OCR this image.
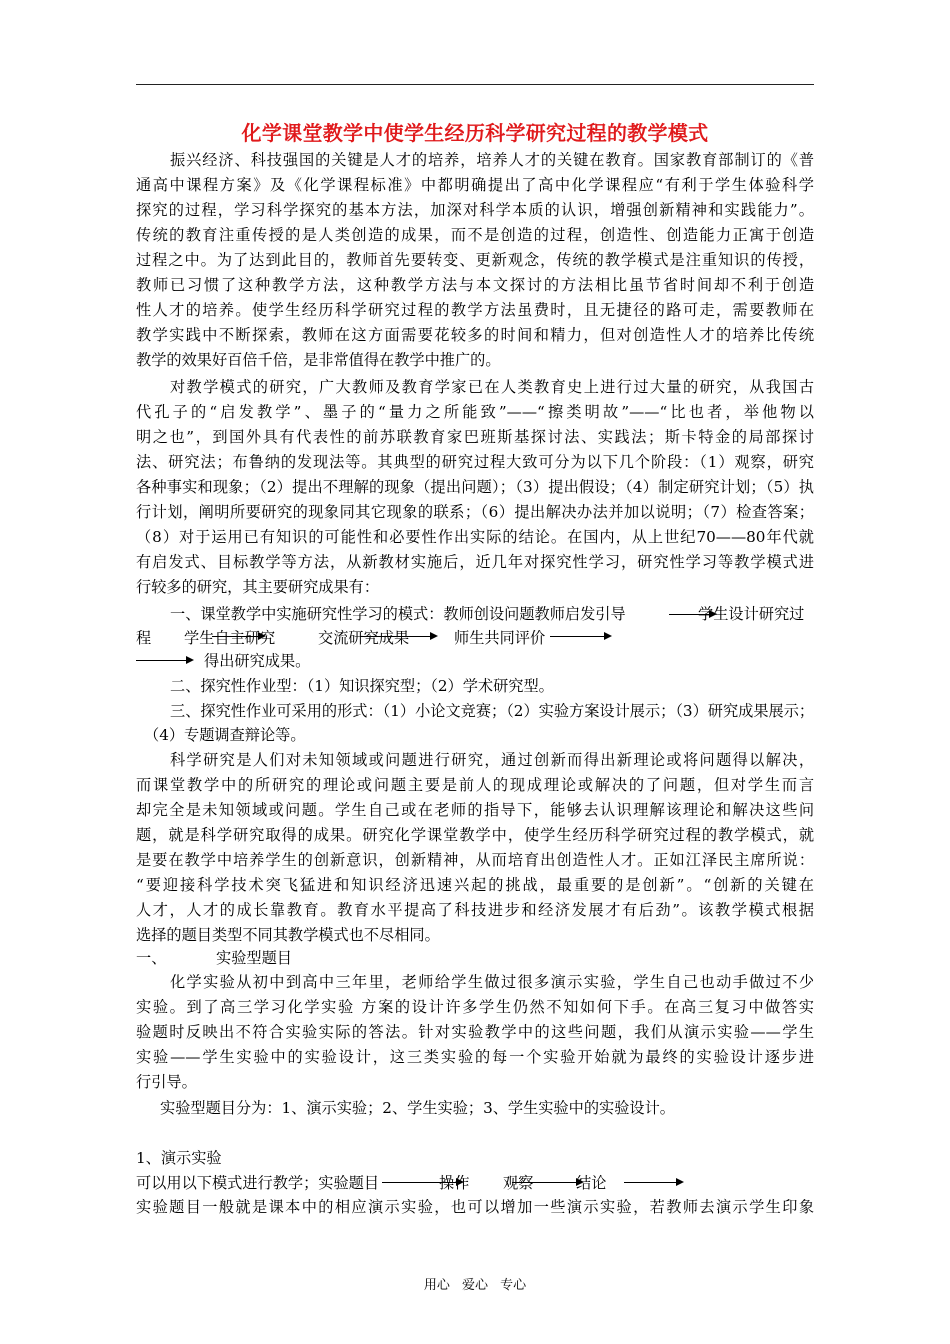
化学课堂教学中使学生经历科学研究过程的教学模式
振兴经济、科技强国的关键是人才的培养，培养人才的关键在教育。国家教育部制订的《普
通高中课程方案》及《化学课程标准》中都明确提出了高中化学课程应“有利于学生体验科学
探究的过程，学习科学探究的基本方法，加深对科学本质的认识，增强创新精神和实践能力”。
传统的教育注重传授的是人类创造的成果，而不是创造的过程，创造性、创造能力正寓于创造
过程之中。为了达到此目的，教师首先要转变、更新观念，传统的教学模式是注重知识的传授，
教师已习惯了这种教学方法，这种教学方法与本文探讨的方法相比虽节省时间却不利于创造
性人才的培养。使学生经历科学研究过程的教学方法虽费时，且无捷径的路可走，需要教师在
教学实践中不断探索，教师在这方面需要花较多的时间和精力，但对创造性人才的培养比传统
教学的效果好百倍千倍，是非常值得在教学中推广的。
对教学模式的研究，广大教师及教育学家已在人类教育史上进行过大量的研究，从我国古
代孔子的“启发教学”、墨子的“量力之所能致”——“擦类明故”——“比也者，举他物以
明之也”，到国外具有代表性的前苏联教育家巴班斯基探讨法、实践法；斯卡特金的局部探讨
法、研究法；布鲁纳的发现法等。其典型的研究过程大致可分为以下几个阶段：（1）观察，研究
各种事实和现象；（2）提出不理解的现象（提出问题）；（3）提出假设；（4）制定研究计划；（5）执
行计划，阐明所要研究的现象同其它现象的联系；（6）提出解决办法并加以说明；（7）检查答案；
（8）对于运用已有知识的可能性和必要性作出实际的结论。在国内，从上世纪70——80年代就
有启发式、目标教学等方法，从新教材实施后，近几年对探究性学习，研究性学习等教学模式进
行较多的研究，其主要研究成果有：
一、课堂教学中实施研究性学习的模式：教师创设问题教师启发引导	学生设计研究过
程	学生自主研究	交流研究成果	师生共同评价
得出研究成果。
二、探究性作业型：（1）知识探究型；（2）学术研究型。
三、探究性作业可采用的形式：（1）小论文竞赛；（2）实验方案设计展示；（3）研究成果展示；
（4）专题调查辩论等。
科学研究是人们对未知领域或问题进行研究，通过创新而得出新理论或将问题得以解决，
而课堂教学中的所研究的理论或问题主要是前人的现成理论或解决的了问题，但对学生而言
却完全是未知领域或问题。学生自己或在老师的指导下，能够去认识理解该理论和解决这些问
题，就是科学研究取得的成果。研究化学课堂教学中，使学生经历科学研究过程的教学模式，就
是要在教学中培养学生的创新意识，创新精神，从而培育出创造性人才。正如江泽民主席所说：
“要迎接科学技术突飞猛进和知识经济迅速兴起的挑战，最重要的是创新”。“创新的关键在
人才，人才的成长靠教育。教育水平提高了科技进步和经济发展才有后劲”。该教学模式根据
选择的题目类型不同其教学模式也不尽相同。
一、	实验型题目
化学实验从初中到高中三年里，老师给学生做过很多演示实验，学生自己也动手做过不少
实验。到了高三学习化学实验 方案的设计许多学生仍然不知如何下手。在高三复习中做答实
验题时反映出不符合实验实际的答法。针对实验教学中的这些问题，我们从演示实验——学生
实验——学生实验中的实验设计，这三类实验的每一个实验开始就为最终的实验设计逐步进
行引导。
实验型题目分为：1、演示实验；2、学生实验；3、学生实验中的实验设计。
1、演示实验
可以用以下模式进行教学；实验题目	操作	观察	结论
实验题目一般就是课本中的相应演示实验，也可以增加一些演示实验，若教师去演示学生印象
用心 爱心 专心
